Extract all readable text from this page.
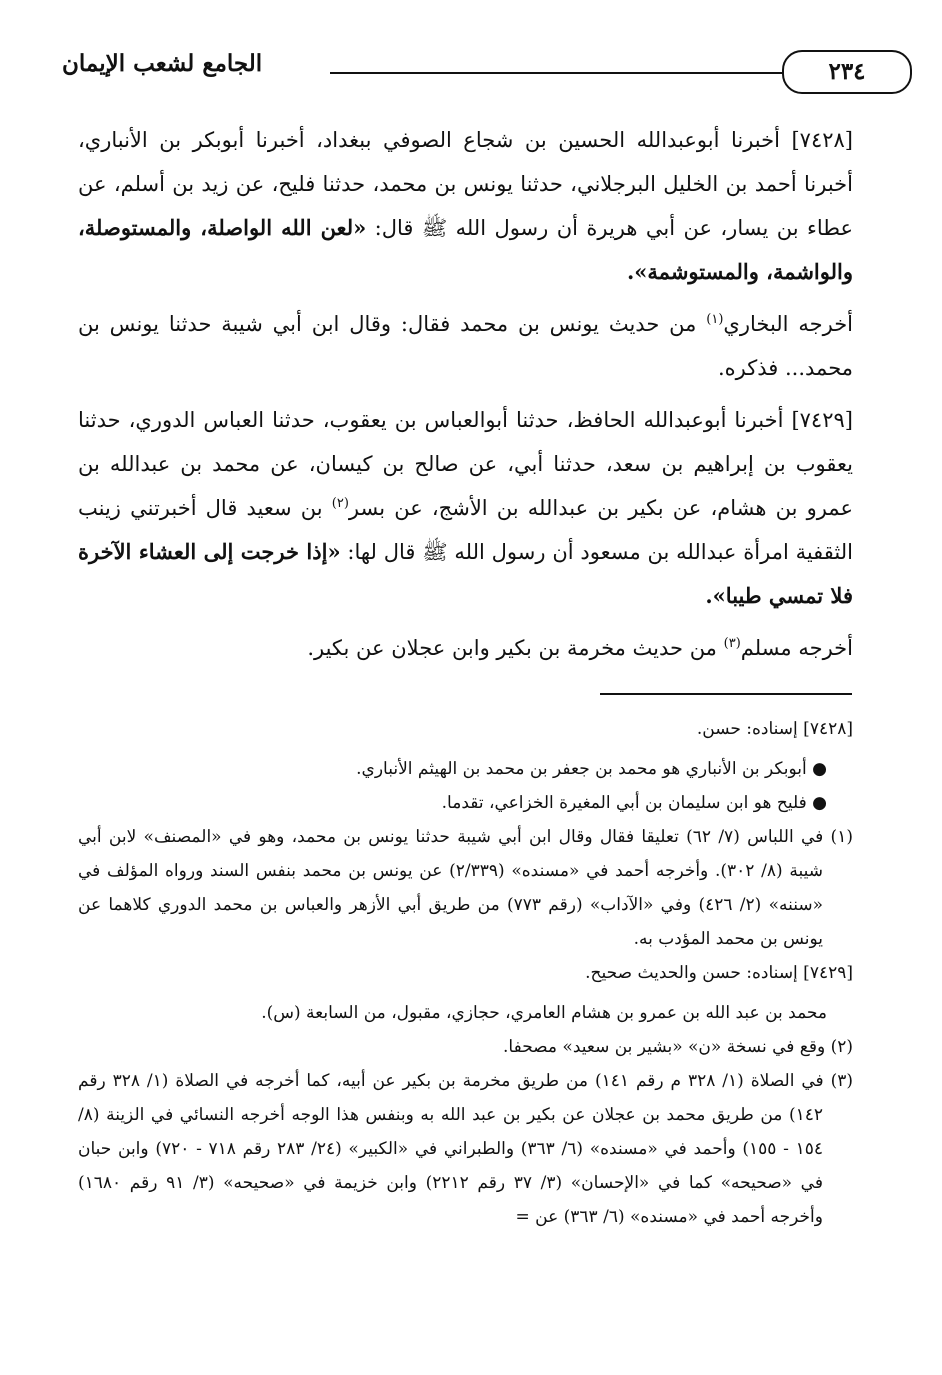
الجامع لشعب الإيمان	٢٣٤

[٧٤٢٨] أخبرنا أبوعبدالله الحسين بن شجاع الصوفي ببغداد، أخبرنا أبوبكر بن الأنباري، أخبرنا أحمد بن الخليل البرجلاني، حدثنا يونس بن محمد، حدثنا فليح، عن زيد بن أسلم، عن عطاء بن يسار، عن أبي هريرة أن رسول الله ﷺ قال: «لعن الله الواصلة، والمستوصلة، والواشمة، والمستوشمة».

أخرجه البخاري$^{(١)}$ من حديث يونس بن محمد فقال: وقال ابن أبي شيبة حدثنا يونس بن محمد... فذكره.

[٧٤٢٩] أخبرنا أبوعبدالله الحافظ، حدثنا أبوالعباس بن يعقوب، حدثنا العباس الدوري، حدثنا يعقوب بن إبراهيم بن سعد، حدثنا أبي، عن صالح بن كيسان، عن محمد بن عبدالله بن عمرو بن هشام، عن بكير بن عبدالله بن الأشج، عن بسر$^{(٢)}$ بن سعيد قال أخبرتني زينب الثقفية امرأة عبدالله بن مسعود أن رسول الله ﷺ قال لها: «إذا خرجت إلى العشاء الآخرة فلا تمسي طيبا».

أخرجه مسلم$^{(٣)}$ من حديث مخرمة بن بكير وابن عجلان عن بكير.

[٧٤٢٨] إسناده: حسن.

● أبوبكر بن الأنباري هو محمد بن جعفر بن محمد بن الهيثم الأنباري.

● فليح هو ابن سليمان بن أبي المغيرة الخزاعي، تقدما.

(١) في اللباس (٧/ ٦٢) تعليقا فقال وقال ابن أبي شيبة حدثنا يونس بن محمد، وهو في «المصنف» لابن أبي شيبة (٨/ ٣٠٢). وأخرجه أحمد في «مسنده» (٢/٣٣٩) عن يونس بن محمد بنفس السند ورواه المؤلف في «سننه» (٢/ ٤٢٦) وفي «الآداب» (رقم ٧٧٣) من طريق أبي الأزهر والعباس بن محمد الدوري كلاهما عن يونس بن محمد المؤدب به.

[٧٤٢٩] إسناده: حسن والحديث صحيح.

محمد بن عبد الله بن عمرو بن هشام العامري، حجازي، مقبول، من السابعة (س).

(٢) وقع في نسخة «ن» «بشير بن سعيد» مصحفا.

(٣) في الصلاة (١/ ٣٢٨ م رقم ١٤١) من طريق مخرمة بن بكير عن أبيه، كما أخرجه في الصلاة (١/ ٣٢٨ رقم ١٤٢) من طريق محمد بن عجلان عن بكير بن عبد الله به وبنفس هذا الوجه أخرجه النسائي في الزينة (٨/ ١٥٤ - ١٥٥) وأحمد في «مسنده» (٦/ ٣٦٣) والطبراني في «الكبير» (٢٤/ ٢٨٣ رقم ٧١٨ - ٧٢٠) وابن حبان في «صحيحه» كما في «الإحسان» (٣/ ٣٧ رقم ٢٢١٢) وابن خزيمة في «صحيحه» (٣/ ٩١ رقم ١٦٨٠) وأخرجه أحمد في «مسنده» (٦/ ٣٦٣) عن =
